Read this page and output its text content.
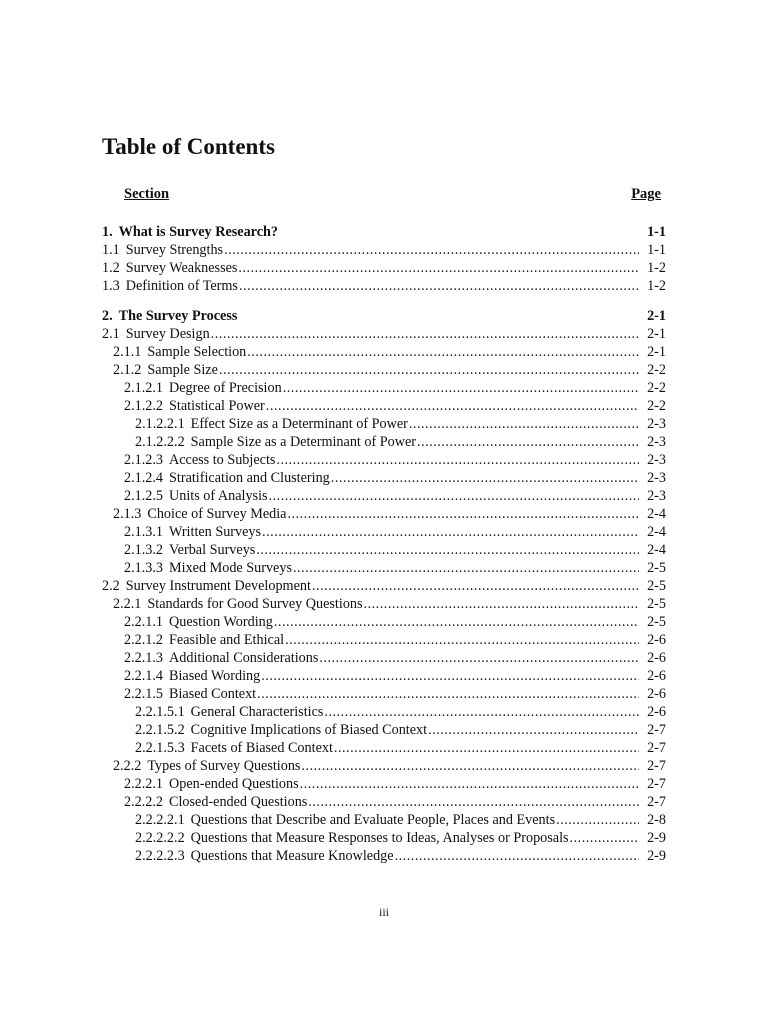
Table of Contents
Section	Page
1. What is Survey Research?	1-1
1.1 Survey Strengths .....	1-1
1.2 Survey Weaknesses .....	1-2
1.3 Definition of Terms .....	1-2
2. The Survey Process	2-1
2.1 Survey Design .....	2-1
2.1.1 Sample Selection .....	2-1
2.1.2 Sample Size .....	2-2
2.1.2.1 Degree of Precision .....	2-2
2.1.2.2 Statistical Power .....	2-2
2.1.2.2.1 Effect Size as a Determinant of Power .....	2-3
2.1.2.2.2 Sample Size as a Determinant of Power .....	2-3
2.1.2.3 Access to Subjects .....	2-3
2.1.2.4 Stratification and Clustering .....	2-3
2.1.2.5 Units of Analysis .....	2-3
2.1.3 Choice of Survey Media .....	2-4
2.1.3.1 Written Surveys .....	2-4
2.1.3.2 Verbal Surveys .....	2-4
2.1.3.3 Mixed Mode Surveys .....	2-5
2.2 Survey Instrument Development .....	2-5
2.2.1 Standards for Good Survey Questions .....	2-5
2.2.1.1 Question Wording .....	2-5
2.2.1.2 Feasible and Ethical .....	2-6
2.2.1.3 Additional Considerations .....	2-6
2.2.1.4 Biased Wording .....	2-6
2.2.1.5 Biased Context .....	2-6
2.2.1.5.1 General Characteristics .....	2-6
2.2.1.5.2 Cognitive Implications of Biased Context .....	2-7
2.2.1.5.3 Facets of Biased Context .....	2-7
2.2.2 Types of Survey Questions .....	2-7
2.2.2.1 Open-ended Questions .....	2-7
2.2.2.2 Closed-ended Questions .....	2-7
2.2.2.2.1 Questions that Describe and Evaluate People, Places and Events .....	2-8
2.2.2.2.2 Questions that Measure Responses to Ideas, Analyses or Proposals .....	2-9
2.2.2.2.3 Questions that Measure Knowledge .....	2-9
iii
